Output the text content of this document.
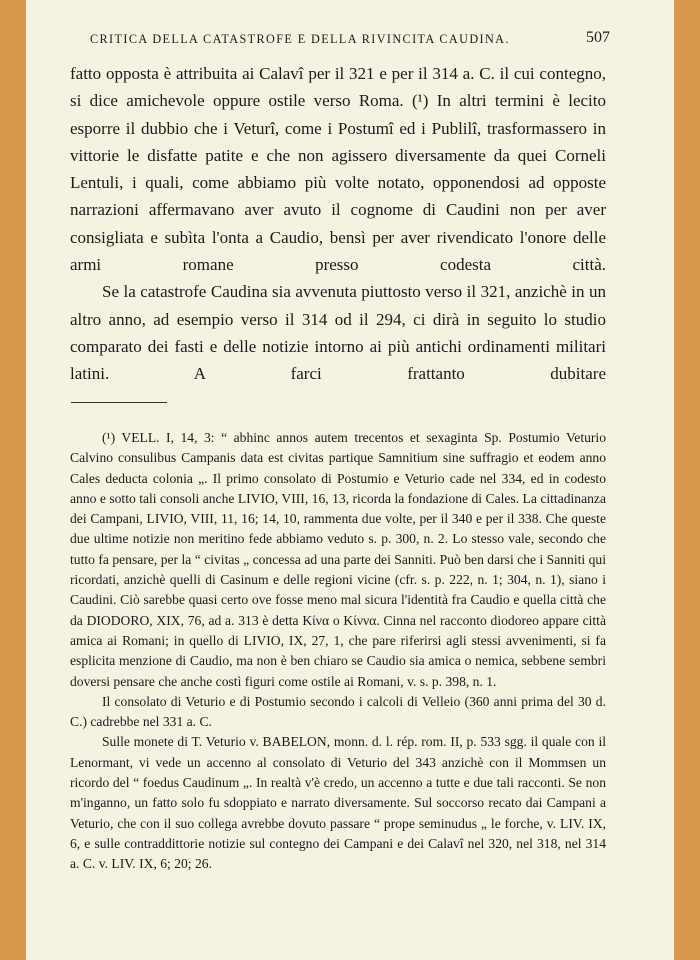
CRITICA DELLA CATASTROFE E DELLA RIVINCITA CAUDINA.	507

fatto opposta è attribuita ai Calavî per il 321 e per il 314 a. C. il cui contegno, si dice amichevole oppure ostile verso Roma. (¹) In altri termini è lecito esporre il dubbio che i Veturî, come i Postumî ed i Publilî, trasformassero in vittorie le disfatte patite e che non agissero diversamente da quei Corneli Lentuli, i quali, come abbiamo più volte notato, opponendosi ad opposte narrazioni affermavano aver avuto il cognome di Caudini non per aver consigliata e subìta l'onta a Caudio, bensì per aver rivendicato l'onore delle armi romane presso codesta città.

Se la catastrofe Caudina sia avvenuta piuttosto verso il 321, anzichè in un altro anno, ad esempio verso il 314 od il 294, ci dirà in seguito lo studio comparato dei fasti e delle notizie intorno ai più antichi ordinamenti militari latini. A farci frattanto dubitare

(¹) VELL. I, 14, 3: “ abhinc annos autem trecentos et sexaginta Sp. Postumio Veturio Calvino consulibus Campanis data est civitas partique Samnitium sine suffragio et eodem anno Cales deducta colonia „. Il primo consolato di Postumio e Veturio cade nel 334, ed in codesto anno e sotto tali consoli anche LIVIO, VIII, 16, 13, ricorda la fondazione di Cales. La cittadinanza dei Campani, LIVIO, VIII, 11, 16; 14, 10, rammenta due volte, per il 340 e per il 338. Che queste due ultime notizie non meritino fede abbiamo veduto s. p. 300, n. 2. Lo stesso vale, secondo che tutto fa pensare, per la “ civitas „ concessa ad una parte dei Sanniti. Può ben darsi che i Sanniti qui ricordati, anzichè quelli di Casinum e delle regioni vicine (cfr. s. p. 222, n. 1; 304, n. 1), siano i Caudini. Ciò sarebbe quasi certo ove fosse meno mal sicura l'identità fra Caudio e quella città che da DIODORO, XIX, 76, ad a. 313 è detta Κίνα o Κίννα. Cinna nel racconto diodoreo appare città amica ai Romani; in quello di LIVIO, IX, 27, 1, che pare riferirsi agli stessi avvenimenti, si fa esplicita menzione di Caudio, ma non è ben chiaro se Caudio sia amica o nemica, sebbene sembri doversi pensare che anche costì figuri come ostile ai Romani, v. s. p. 398, n. 1.

Il consolato di Veturio e di Postumio secondo i calcoli di Velleio (360 anni prima del 30 d. C.) cadrebbe nel 331 a. C.

Sulle monete di T. Veturio v. BABELON, monn. d. l. rép. rom. II, p. 533 sgg. il quale con il Lenormant, vi vede un accenno al consolato di Veturio del 343 anzichè con il Mommsen un ricordo del “ foedus Caudinum „. In realtà v'è credo, un accenno a tutte e due tali racconti. Se non m'inganno, un fatto solo fu sdoppiato e narrato diversamente. Sul soccorso recato dai Campani a Veturio, che con il suo collega avrebbe dovuto passare “ prope seminudus „ le forche, v. LIV. IX, 6, e sulle contraddittorie notizie sul contegno dei Campani e dei Calavî nel 320, nel 318, nel 314 a. C. v. LIV. IX, 6; 20; 26.
